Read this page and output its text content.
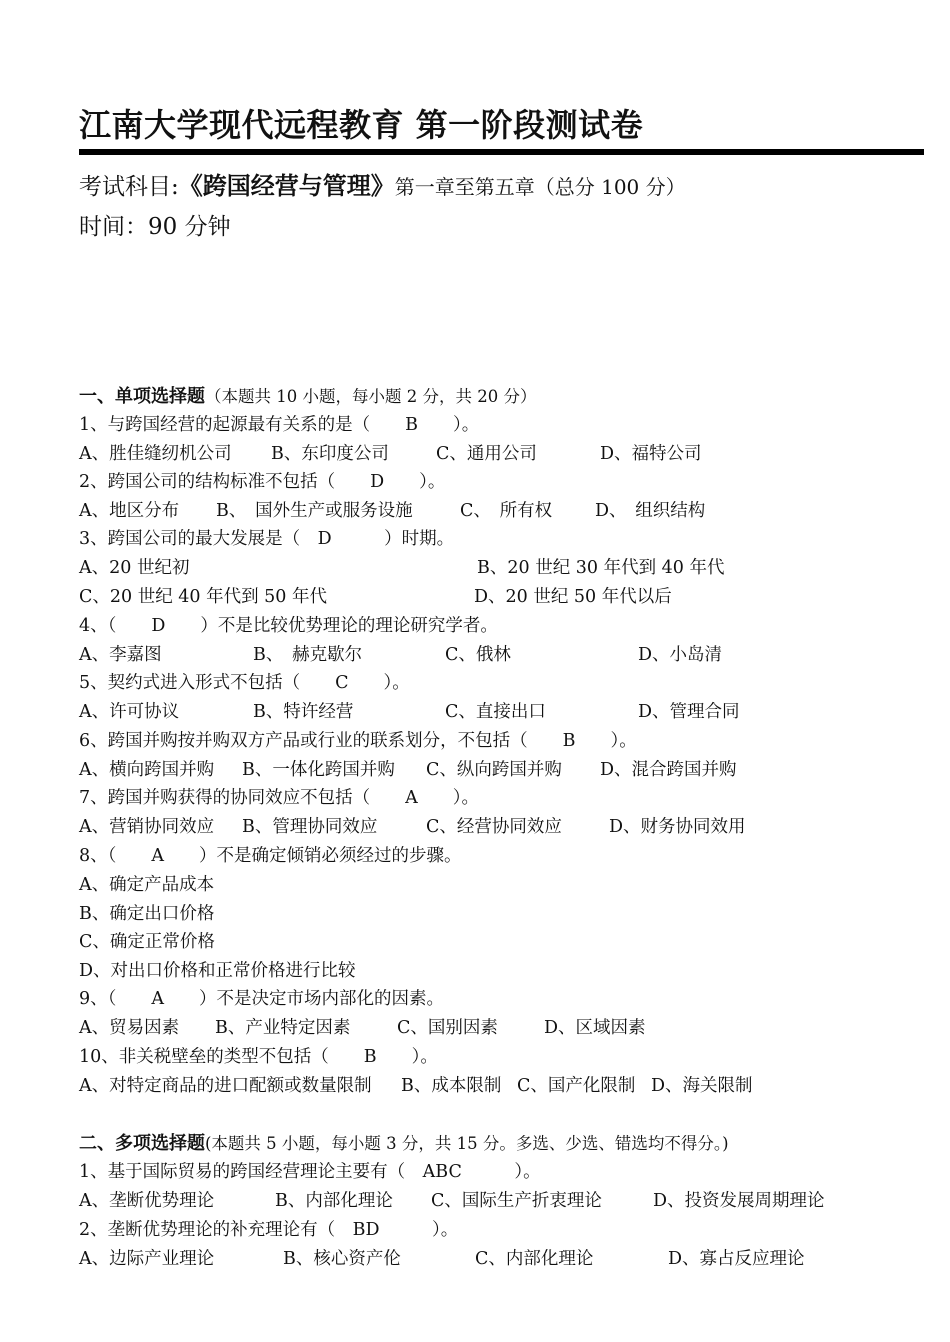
江南大学现代远程教育 第一阶段测试卷
考试科目:《跨国经营与管理》第一章至第五章（总分 100 分）
时间：90 分钟
一、单项选择题（本题共 10 小题，每小题 2 分，共 20 分）
1、与跨国经营的起源最有关系的是（　　B　　）。
A、胜佳缝纫机公司 B、东印度公司	C、通用公司	D、福特公司
2、跨国公司的结构标准不包括（　　D　　）。
A、地区分布 B、　国外生产或服务设施	C、　所有权 D、　组织结构
3、跨国公司的最大发展是（　D　　　）时期。
A、20 世纪初	B、20 世纪 30 年代到 40 年代
C、20 世纪 40 年代到 50 年代	D、20 世纪 50 年代以后
4、（　　D　　）不是比较优势理论的理论研究学者。
A、李嘉图	B、　赫克歇尔	C、俄林	D、小岛清
5、契约式进入形式不包括（　　C　　）。
A、许可协议	B、特许经营	C、直接出口	D、管理合同
6、跨国并购按并购双方产品或行业的联系划分，不包括（　　B　　）。
A、横向跨国并购 B、一体化跨国并购 C、纵向跨国并购 D、混合跨国并购
7、跨国并购获得的协同效应不包括（　　A　　）。
A、营销协同效应 B、管理协同效应	C、经营协同效应	D、财务协同效用
8、（　　A　　）不是确定倾销必须经过的步骤。
A、确定产品成本
B、确定出口价格
C、确定正常价格
D、对出口价格和正常价格进行比较
9、（　　A　　）不是决定市场内部化的因素。
A、贸易因素 B、产业特定因素	C、国别因素	D、区域因素
10、非关税壁垒的类型不包括（　　B　　）。
A、对特定商品的进口配额或数量限制 B、成本限制 C、国产化限制 D、海关限制
二、多项选择题(本题共 5 小题，每小题 3 分，共 15 分。多选、少选、错选均不得分。)
1、基于国际贸易的跨国经营理论主要有（　ABC　　　）。
A、垄断优势理论	B、内部化理论 C、国际生产折衷理论	D、投资发展周期理论
2、垄断优势理论的补充理论有（　BD　　　）。
A、边际产业理论	B、核心资产伦	C、内部化理论	D、寡占反应理论
